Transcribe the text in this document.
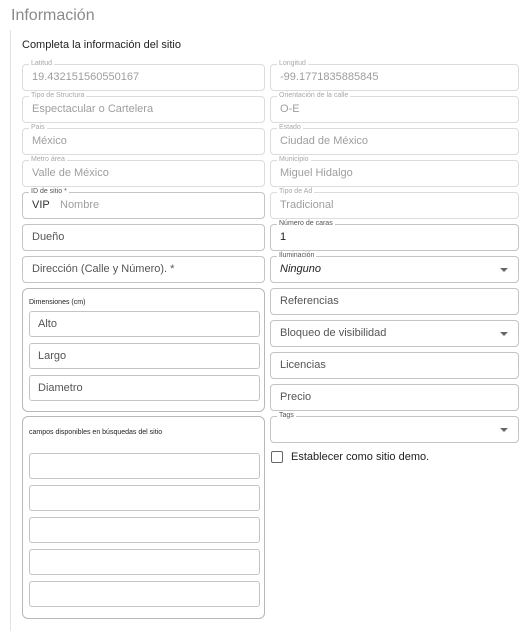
Información
Completa la información del sitio
Latitud
19.432151560550167
Longitud
-99.1771835885845
Tipo de Structura
Espectacular o Cartelera
Orientación de la calle
O-E
Pais
México
Estado
Ciudad de México
Metro área
Valle de México
Municipio
Miguel Hidalgo
ID de sitio *
VIP Nombre
Tipo de Ad
Tradicional
Dueño
Número de caras
1
Dirección (Calle y Número). *
Iluminación
Ninguno
Dimensiones (cm)
Alto
Largo
Diametro
Referencias
Bloqueo de visibilidad
Licencias
Precio
Tags
Establecer como sitio demo.
campos disponibles en búsquedas del sitio
